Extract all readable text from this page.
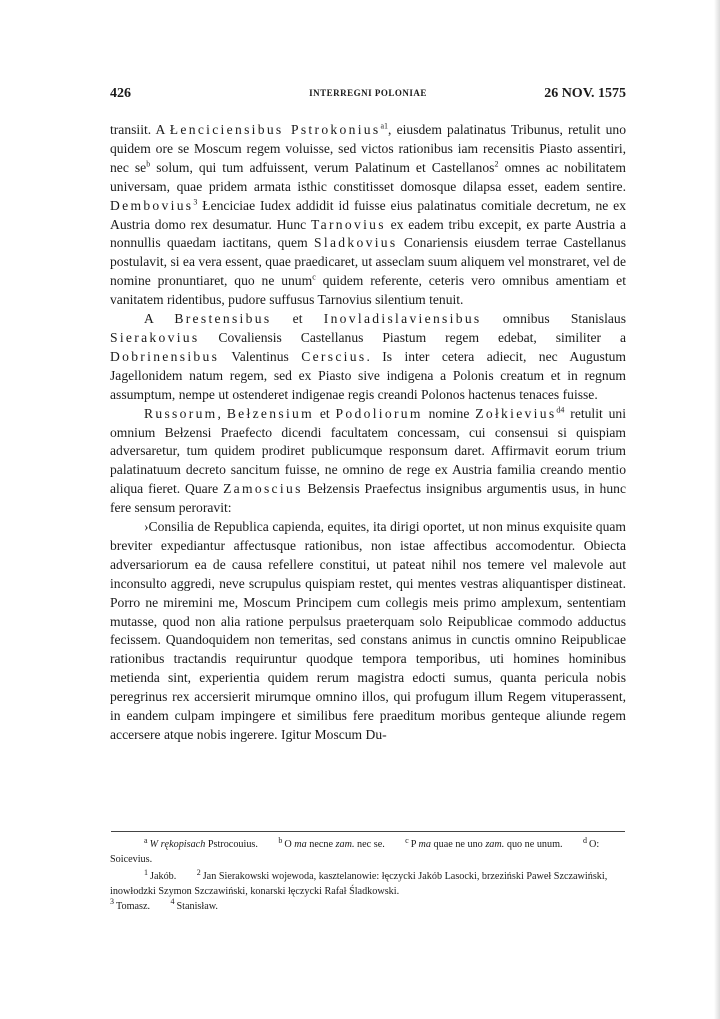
426	INTERREGNI POLONIAE	26 NOV. 1575

transiit. A Łenciciensibus Pstrokonius$^{a1}$, eiusdem palatinatus Tribunus, retulit uno quidem ore se Moscum regem voluisse, sed victos rationibus iam recensitis Piasto assentiri, nec $se^b$ solum, qui tum adfuissent, verum Palatinum et Castellanos$^2$ omnes ac nobilitatem universam, quae pridem armata isthic constitisset domosque dilapsa esset, eadem sentire. Dembovius$^3$ Łenciciae Iudex addidit id fuisse eius palatinatus comitiale decretum, ne ex Austria domo rex desumatur. Hunc Tarnovius ex eadem tribu excepit, ex parte Austria a nonnullis quaedam iactitans, quem Sladkovius Conariensis eiusdem terrae Castellanus postulavit, si ea vera essent, quae praedicaret, ut asseclam suum aliquem vel monstraret, vel de nomine pronuntiaret, quo ne unum$^c$ quidem referente, ceteris vero omnibus amentiam et vanitatem ridentibus, pudore suffusus Tarnovius silentium tenuit.

A Brestensibus et Inovladislaviensibus omnibus Stanislaus Sierakovius Covaliensis Castellanus Piastum regem edebat, similiter a Dobrinensibus Valentinus Cerscius. Is inter cetera adiecit, nec Augustum Jagellonidem natum regem, sed ex Piasto sive indigena a Polonis creatum et in regnum assumptum, nempe ut ostenderet indigenae regis creandi Polonos hactenus tenaces fuisse.

Russorum, Bełzensium et Podoliorum nomine Zołkievius$^{d4}$ retulit uni omnium Bełzensi Praefecto dicendi facultatem concessam, cui consensui si quispiam adversaretur, tum quidem prodiret publicumque responsum daret. Affirmavit eorum trium palatinatuum decreto sancitum fuisse, ne omnino de rege ex Austria familia creando mentio aliqua fieret. Quare Zamoscius Bełzensis Praefectus insignibus argumentis usus, in hunc fere sensum peroravit:

›Consilia de Republica capienda, equites, ita dirigi oportet, ut non minus exquisite quam breviter expediantur affectusque rationibus, non istae affectibus accomodentur. Obiecta adversariorum ea de causa refellere constitui, ut pateat nihil nos temere vel malevole aut inconsulto aggredi, neve scrupulus quispiam restet, qui mentes vestras aliquantisper distineat. Porro ne miremini me, Moscum Principem cum collegis meis primo amplexum, sententiam mutasse, quod non alia ratione perpulsus praeterquam solo Reipublicae commodo adductus fecissem. Quandoquidem non temeritas, sed constans animus in cunctis omnino Reipublicae rationibus tractandis requiruntur quodque tempora temporibus, uti homines hominibus metienda sint, experientia quidem rerum magistra edocti sumus, quanta pericula nobis peregrinus rex accersierit mirumque omnino illos, qui profugum illum Regem vituperassent, in eandem culpam impingere et similibus fere praeditum moribus genteque aliunde regem accersere atque nobis ingerere. Igitur Moscum Du-

$^a$ W rękopisach Pstrocouius.  	$^b$ O ma necne zam. nec se.  	$^c$ P ma quae ne uno zam. quo ne unum.  	$^d$ O: Soicevius.

$^1$ Jakób.  	$^2$ Jan Sierakowski wojewoda, kasztelanowie: łęczycki Jakób Lasocki, brzeziński Paweł Szczawiński, inowłodzki Szymon Szczawiński, konarski łęczycki Rafał Śladkowski.

$^3$ Tomasz.  	$^4$ Stanisław.
